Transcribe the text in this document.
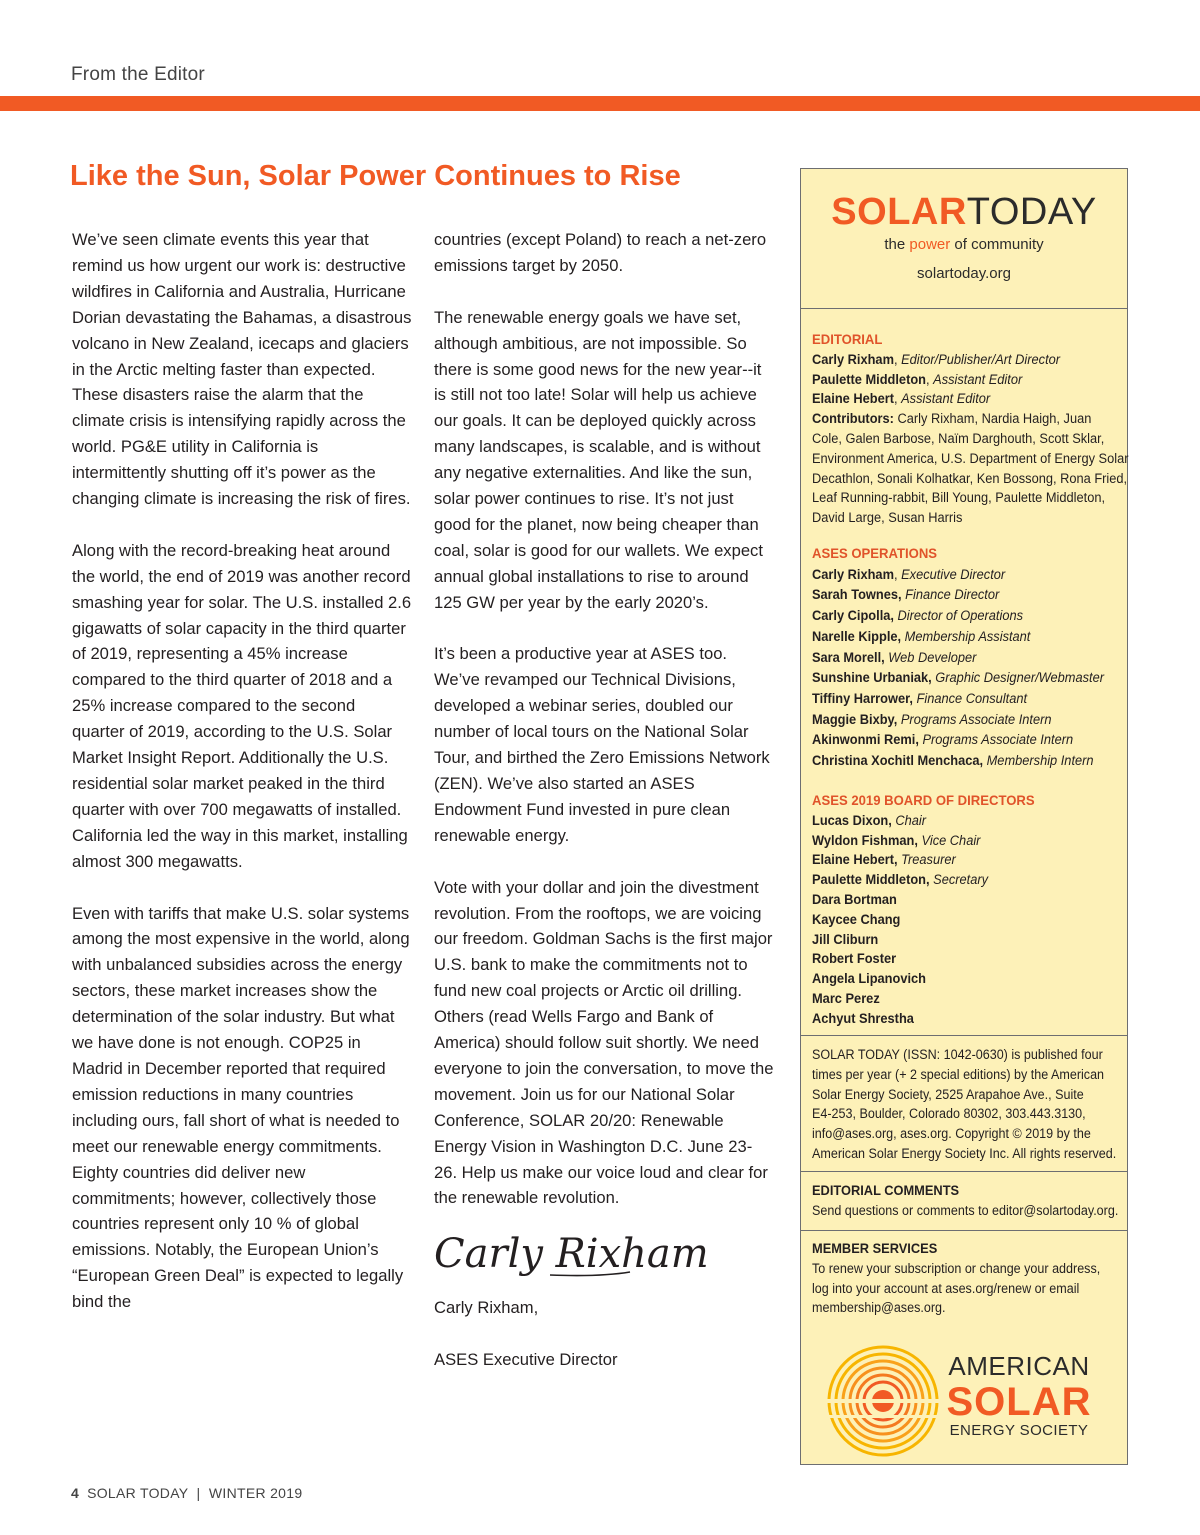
From the Editor
Like the Sun, Solar Power Continues to Rise

We’ve seen climate events this year that remind us how urgent our work is: destructive wildfires in California and Australia, Hurricane Dorian devastating the Bahamas, a disastrous volcano in New Zealand, icecaps and glaciers in the Arctic melting faster than expected. These disasters raise the alarm that the climate crisis is intensifying rapidly across the world. PG&E utility in California is intermittently shutting off it’s power as the changing climate is increasing the risk of fires.

Along with the record-breaking heat around the world, the end of 2019 was another record smashing year for solar. The U.S. installed 2.6 gigawatts of solar capacity in the third quarter of 2019, representing a 45% increase compared to the third quarter of 2018 and a 25% increase compared to the second quarter of 2019, according to the U.S. Solar Market Insight Report. Additionally the U.S. residential solar market peaked in the third quarter with over 700 megawatts of installed. California led the way in this market, installing almost 300 megawatts.

Even with tariffs that make U.S. solar systems among the most expensive in the world, along with unbalanced subsidies across the energy sectors, these market increases show the determination of the solar industry. But what we have done is not enough. COP25 in Madrid in December reported that required emission reductions in many countries including ours, fall short of what is needed to meet our renewable energy commitments. Eighty countries did deliver new commitments; however, collectively those countries represent only 10 % of global emissions. Notably, the European Union’s “European Green Deal” is expected to legally bind the

countries (except Poland) to reach a net-zero emissions target by 2050.

The renewable energy goals we have set, although ambitious, are not impossible. So there is some good news for the new year--it is still not too late! Solar will help us achieve our goals. It can be deployed quickly across many landscapes, is scalable, and is without any negative externalities. And like the sun, solar power continues to rise. It’s not just good for the planet, now being cheaper than coal, solar is good for our wallets. We expect annual global installations to rise to around 125 GW per year by the early 2020’s.

It’s been a productive year at ASES too. We’ve revamped our Technical Divisions, developed a webinar series, doubled our number of local tours on the National Solar Tour, and birthed the Zero Emissions Network (ZEN). We’ve also started an ASES Endowment Fund invested in pure clean renewable energy.

Vote with your dollar and join the divestment revolution. From the rooftops, we are voicing our freedom. Goldman Sachs is the first major U.S. bank to make the commitments not to fund new coal projects or Arctic oil drilling. Others (read Wells Fargo and Bank of America) should follow suit shortly. We need everyone to join the conversation, to move the movement. Join us for our National Solar Conference, SOLAR 20/20: Renewable Energy Vision in Washington D.C. June 23-26. Help us make our voice loud and clear for the renewable revolution.

Carly Rixham

Carly Rixham,

ASES Executive Director

4 SOLAR TODAY  |  WINTER 2019
SOLARTODAY
the power of community
solartoday.org
EDITORIAL
Carly Rixham, Editor/Publisher/Art Director
Paulette Middleton, Assistant Editor
Elaine Hebert, Assistant Editor
Contributors: Carly Rixham, Nardia Haigh, Juan
Cole, Galen Barbose, Naïm Darghouth, Scott Sklar,
Environment America, U.S. Department of Energy Solar
Decathlon, Sonali Kolhatkar, Ken Bossong, Rona Fried,
Leaf Running-rabbit, Bill Young, Paulette Middleton,
David Large, Susan Harris
ASES OPERATIONS
Carly Rixham, Executive Director
Sarah Townes, Finance Director
Carly Cipolla, Director of Operations
Narelle Kipple, Membership Assistant
Sara Morell, Web Developer
Sunshine Urbaniak, Graphic Designer/Webmaster
Tiffiny Harrower, Finance Consultant
Maggie Bixby, Programs Associate Intern
Akinwonmi Remi, Programs Associate Intern
Christina Xochitl Menchaca, Membership Intern
ASES 2019 BOARD OF DIRECTORS
Lucas Dixon, Chair
Wyldon Fishman, Vice Chair
Elaine Hebert, Treasurer
Paulette Middleton, Secretary
Dara Bortman
Kaycee Chang
Jill Cliburn
Robert Foster
Angela Lipanovich
Marc Perez
Achyut Shrestha
SOLAR TODAY (ISSN: 1042-0630) is published four
times per year (+ 2 special editions) by the American
Solar Energy Society, 2525 Arapahoe Ave., Suite
E4-253, Boulder, Colorado 80302, 303.443.3130,
info@ases.org, ases.org. Copyright © 2019 by the
American Solar Energy Society Inc. All rights reserved.
EDITORIAL COMMENTS
Send questions or comments to editor@solartoday.org.
MEMBER SERVICES
To renew your subscription or change your address,
log into your account at ases.org/renew or email
membership@ases.org.
AMERICAN
SOLAR
ENERGY SOCIETY
